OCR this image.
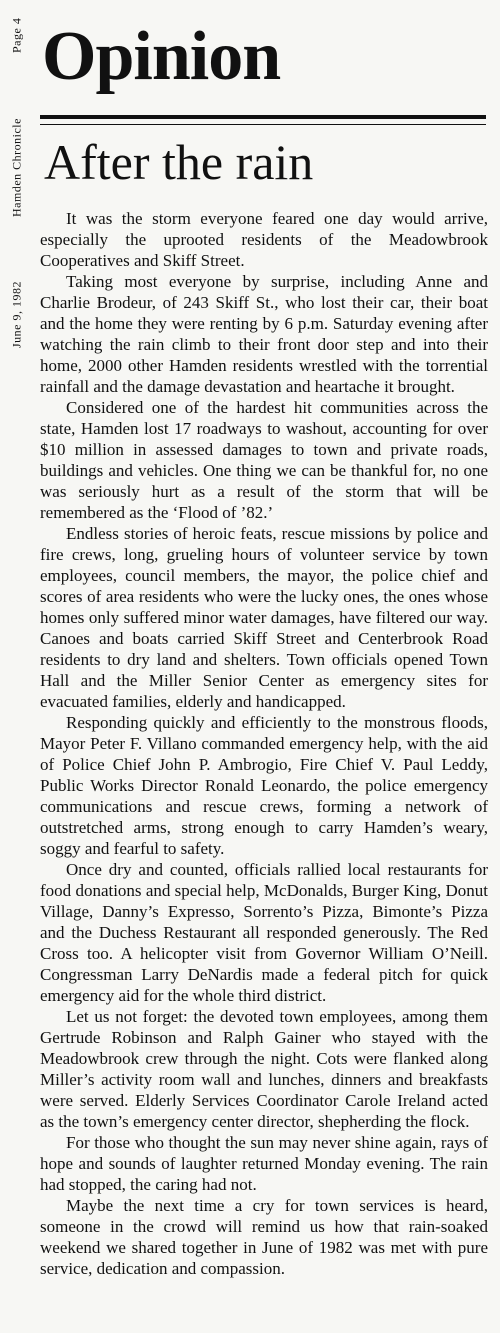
June 9, 1982
Hamden Chronicle
Page 4 Opinion
After the rain

It was the storm everyone feared one day would arrive, especially the uprooted residents of the Meadowbrook Cooperatives and Skiff Street.

Taking most everyone by surprise, including Anne and Charlie Brodeur, of 243 Skiff St., who lost their car, their boat and the home they were renting by 6 p.m. Saturday evening after watching the rain climb to their front door step and into their home, 2000 other Hamden residents wrestled with the torrential rainfall and the damage devastation and heartache it brought.

Considered one of the hardest hit communities across the state, Hamden lost 17 roadways to washout, accounting for over $10 million in assessed damages to town and private roads, buildings and vehicles. One thing we can be thankful for, no one was seriously hurt as a result of the storm that will be remembered as the ‘Flood of ’82.’

Endless stories of heroic feats, rescue missions by police and fire crews, long, grueling hours of volunteer service by town employees, council members, the mayor, the police chief and scores of area residents who were the lucky ones, the ones whose homes only suffered minor water damages, have filtered our way. Canoes and boats carried Skiff Street and Centerbrook Road residents to dry land and shelters. Town officials opened Town Hall and the Miller Senior Center as emergency sites for evacuated families, elderly and handicapped.

Responding quickly and efficiently to the monstrous floods, Mayor Peter F. Villano commanded emergency help, with the aid of Police Chief John P. Ambrogio, Fire Chief V. Paul Leddy, Public Works Director Ronald Leonardo, the police emergency communications and rescue crews, forming a network of outstretched arms, strong enough to carry Hamden’s weary, soggy and fearful to safety.

Once dry and counted, officials rallied local restaurants for food donations and special help, McDonalds, Burger King, Donut Village, Danny’s Expresso, Sorrento’s Pizza, Bimonte’s Pizza and the Duchess Restaurant all responded generously. The Red Cross too. A helicopter visit from Governor William O’Neill. Congressman Larry DeNardis made a federal pitch for quick emergency aid for the whole third district.

Let us not forget: the devoted town employees, among them Gertrude Robinson and Ralph Gainer who stayed with the Meadowbrook crew through the night. Cots were flanked along Miller’s activity room wall and lunches, dinners and breakfasts were served. Elderly Services Coordinator Carole Ireland acted as the town’s emergency center director, shepherding the flock.

For those who thought the sun may never shine again, rays of hope and sounds of laughter returned Monday evening. The rain had stopped, the caring had not.

Maybe the next time a cry for town services is heard, someone in the crowd will remind us how that rain-soaked weekend we shared together in June of 1982 was met with pure service, dedication and compassion.
